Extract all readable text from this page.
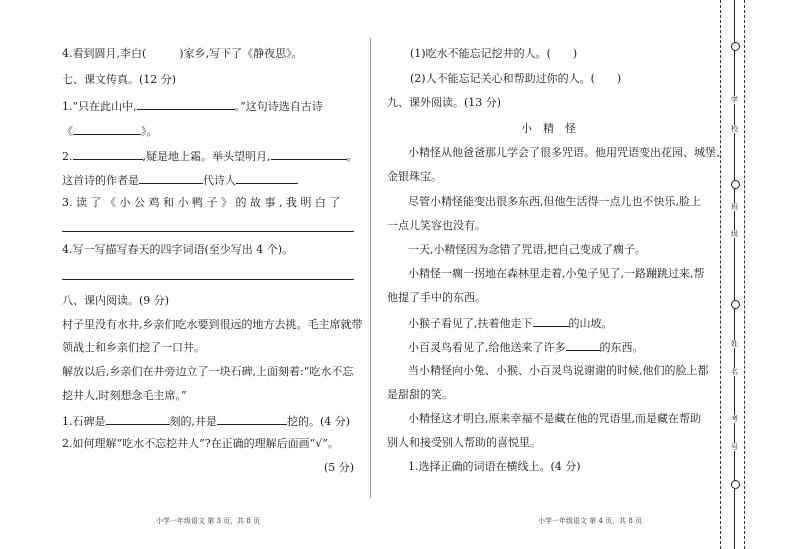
4.看到圆月,李白(　　　)家乡,写下了《静夜思》。
七、课文传真。(12 分)
1.“只在此山中,	。”这句诗选自古诗
《	》。
2.	,疑是地上霜。举头望明月,	。
这首诗的作者是	代诗人
3. 读 了 《 小 公 鸡 和 小 鸭 子 》 的 故 事 , 我 明 白 了
4.写一写描写春天的四字词语(至少写出 4 个)。
八、课内阅读。(9 分)
村子里没有水井,乡亲们吃水要到很远的地方去挑。毛主席就带
领战士和乡亲们挖了一口井。
解放以后,乡亲们在井旁边立了一块石碑,上面刻着:“吃水不忘
挖井人,时刻想念毛主席。”
1.石碑是	刻的,井是	挖的。(4 分)
2.如何理解“吃水不忘挖井人”?在正确的理解后面画“√”。
(5 分)
(1)吃水不能忘记挖井的人。(　　)
(2)人不能忘记关心和帮助过你的人。(　　)
九、课外阅读。(13 分)
小　精　怪
小精怪从他爸爸那儿学会了很多咒语。他用咒语变出花园、城堡、
金银珠宝。
尽管小精怪能变出很多东西,但他生活得一点儿也不快乐,脸上
一点儿笑容也没有。
一天,小精怪因为念错了咒语,把自己变成了瘸子。
小精怪一瘸一拐地在森林里走着,小兔子见了,一路蹦跳过来,帮
他提了手中的东西。
小猴子看见了,扶着他走下	的山坡。
小百灵鸟看见了,给他送来了许多	的东西。
当小精怪向小兔、小猴、小百灵鸟说谢谢的时候,他们的脸上都
是甜甜的笑。
小精怪这才明白,原来幸福不是藏在他的咒语里,而是藏在帮助
别人和接受别人帮助的喜悦里。
1.选择正确的词语在横线上。(4 分)
小学一年级语文 第 3 页，共 8 页	小学一年级语文 第 4 页，共 8 页
学
校
班
级
姓
名
考
号
